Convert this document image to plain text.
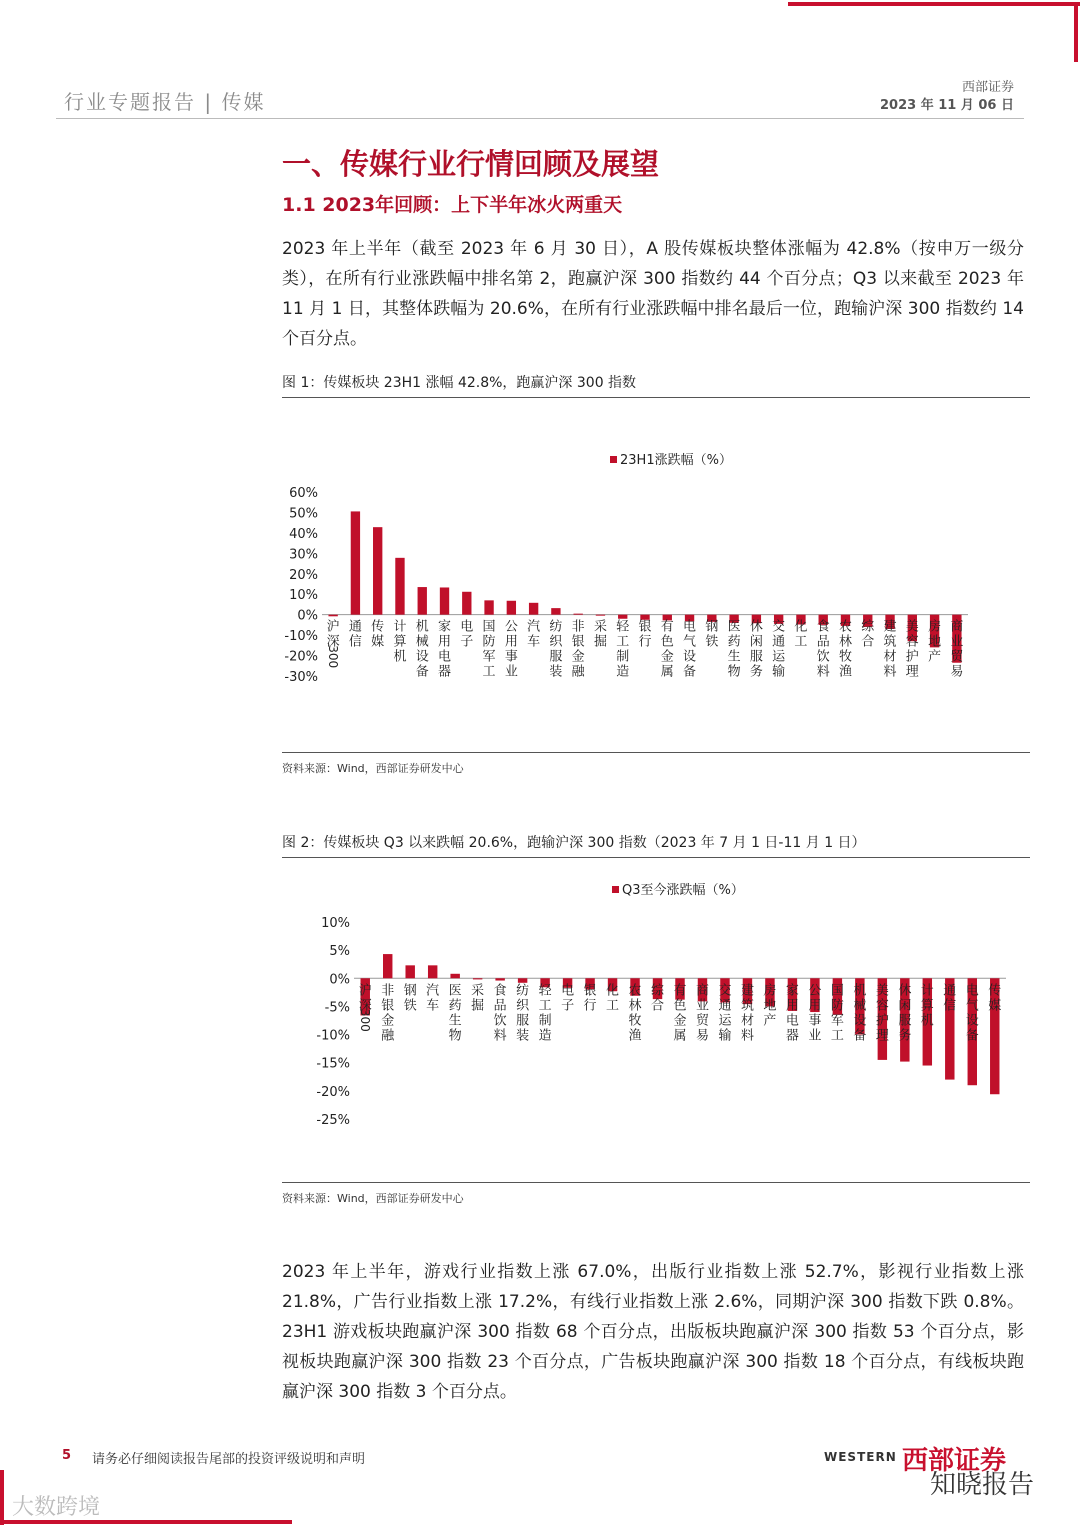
行业专题报告 | 传媒
西部证券
2023 年 11 月 06 日
一、传媒行业行情回顾及展望
1.1 2023年回顾：上下半年冰火两重天
2023 年上半年（截至 2023 年 6 月 30 日），A 股传媒板块整体涨幅为 42.8%（按申万一级分类），在所有行业涨跌幅中排名第 2，跑赢沪深 300 指数约 44 个百分点；Q3 以来截至 2023 年 11 月 1 日，其整体跌幅为 20.6%，在所有行业涨跌幅中排名最后一位，跑输沪深 300 指数约 14 个百分点。
图 1：传媒板块 23H1 涨幅 42.8%，跑赢沪深 300 指数
23H1涨跌幅（%）
60%
50%
40%
30%
20%
10%
0%
-10%
-20%
-30%
沪
深
300
通
信
传
媒
计
算
机
机
械
设
备
家
用
电
器
电
子
国
防
军
工
公
用
事
业
汽
车
纺
织
服
装
非
银
金
融
采
掘
轻
工
制
造
银
行
有
色
金
属
电
气
设
备
钢
铁
医
药
生
物
休
闲
服
务
交
通
运
输
化
工
食
品
饮
料
农
林
牧
渔
综
合
建
筑
材
料
美
容
护
理
房
地
产
商
业
贸
易
资料来源：Wind，西部证券研发中心
图 2：传媒板块 Q3 以来跌幅 20.6%，跑输沪深 300 指数（2023 年 7 月 1 日-11 月 1 日）
Q3至今涨跌幅（%）
10%
5%
0%
-5%
-10%
-15%
-20%
-25%
沪
深
300
非
银
金
融
钢
铁
汽
车
医
药
生
物
采
掘
食
品
饮
料
纺
织
服
装
轻
工
制
造
电
子
银
行
化
工
农
林
牧
渔
综
合
有
色
金
属
商
业
贸
易
交
通
运
输
建
筑
材
料
房
地
产
家
用
电
器
公
用
事
业
国
防
军
工
机
械
设
备
美
容
护
理
休
闲
服
务
计
算
机
通
信
电
气
设
备
传
媒
资料来源：Wind，西部证券研发中心
2023 年上半年，游戏行业指数上涨 67.0%，出版行业指数上涨 52.7%，影视行业指数上涨 21.8%，广告行业指数上涨 17.2%，有线行业指数上涨 2.6%，同期沪深 300 指数下跌 0.8%。23H1 游戏板块跑赢沪深 300 指数 68 个百分点，出版板块跑赢沪深 300 指数 53 个百分点，影视板块跑赢沪深 300 指数 23 个百分点，广告板块跑赢沪深 300 指数 18 个百分点，有线板块跑赢沪深 300 指数 3 个百分点。
5 请务必仔细阅读报告尾部的投资评级说明和声明	WESTERN 西部证券
知晓报告
大数跨境
